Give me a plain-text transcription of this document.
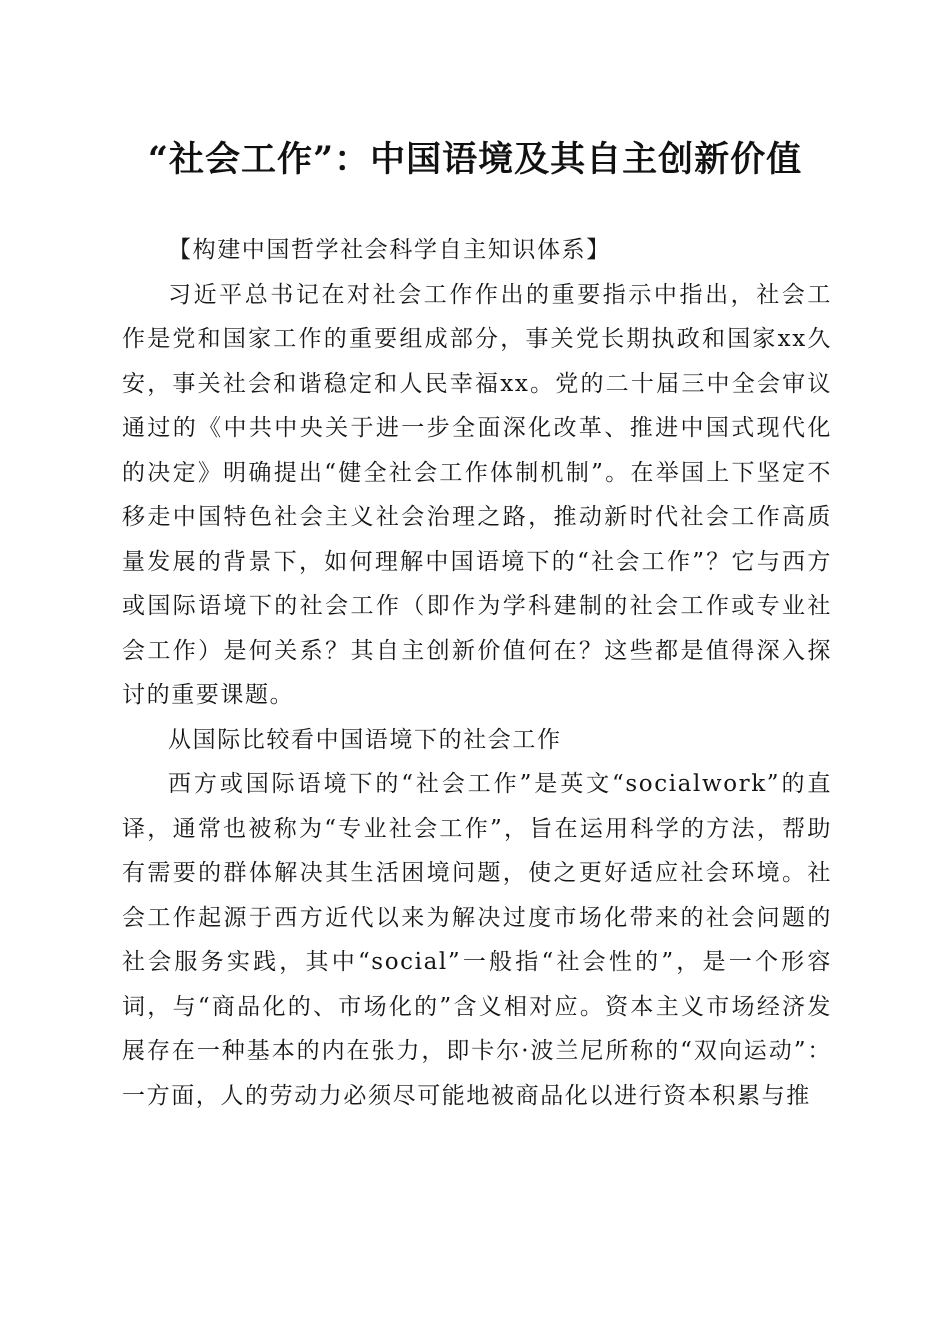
“社会工作”：中国语境及其自主创新价值

【构建中国哲学社会科学自主知识体系】

习近平总书记在对社会工作作出的重要指示中指出，社会工作是党和国家工作的重要组成部分，事关党长期执政和国家xx久安，事关社会和谐稳定和人民幸福xx。党的二十届三中全会审议通过的《中共中央关于进一步全面深化改革、推进中国式现代化的决定》明确提出“健全社会工作体制机制”。在举国上下坚定不移走中国特色社会主义社会治理之路，推动新时代社会工作高质量发展的背景下，如何理解中国语境下的“社会工作”？它与西方或国际语境下的社会工作（即作为学科建制的社会工作或专业社会工作）是何关系？其自主创新价值何在？这些都是值得深入探讨的重要课题。

从国际比较看中国语境下的社会工作

西方或国际语境下的“社会工作”是英文“socialwork”的直译，通常也被称为“专业社会工作”，旨在运用科学的方法，帮助有需要的群体解决其生活困境问题，使之更好适应社会环境。社会工作起源于西方近代以来为解决过度市场化带来的社会问题的社会服务实践，其中“social”一般指“社会性的”，是一个形容词，与“商品化的、市场化的”含义相对应。资本主义市场经济发展存在一种基本的内在张力，即卡尔·波兰尼所称的“双向运动”：一方面，人的劳动力必须尽可能地被商品化以进行资本积累与推
